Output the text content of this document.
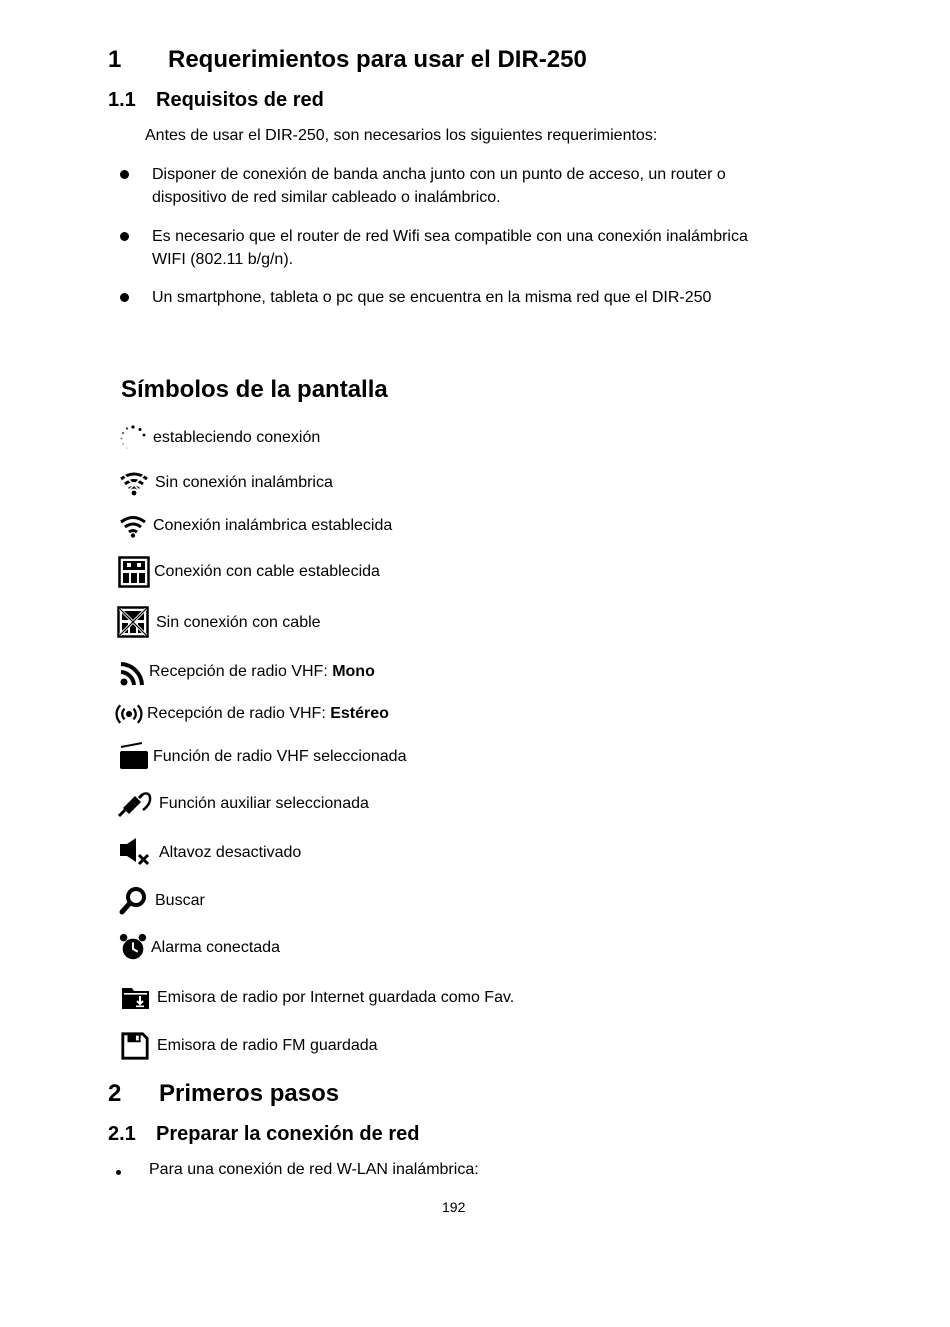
1 Requerimientos para usar el DIR-250
1.1 Requisitos de red
Antes de usar el DIR-250, son necesarios los siguientes requerimientos:
Disponer de conexión de banda ancha junto con un punto de acceso, un router o
dispositivo de red similar cableado o inalámbrico.
Es necesario que el router de red Wifi sea compatible con una conexión inalámbrica
WIFI (802.11 b/g/n).
Un smartphone, tableta o pc que se encuentra en la misma red que el DIR-250
Símbolos de la pantalla
estableciendo conexión
Sin conexión inalámbrica
Conexión inalámbrica establecida
Conexión con cable establecida
Sin conexión con cable
Recepción de radio VHF: Mono
Recepción de radio VHF: Estéreo
Función de radio VHF seleccionada
Función auxiliar seleccionada
Altavoz desactivado
Buscar
Alarma conectada
Emisora de radio por Internet guardada como Fav.
Emisora de radio FM guardada
2 Primeros pasos
2.1 Preparar la conexión de red
Para una conexión de red W-LAN inalámbrica:
192
